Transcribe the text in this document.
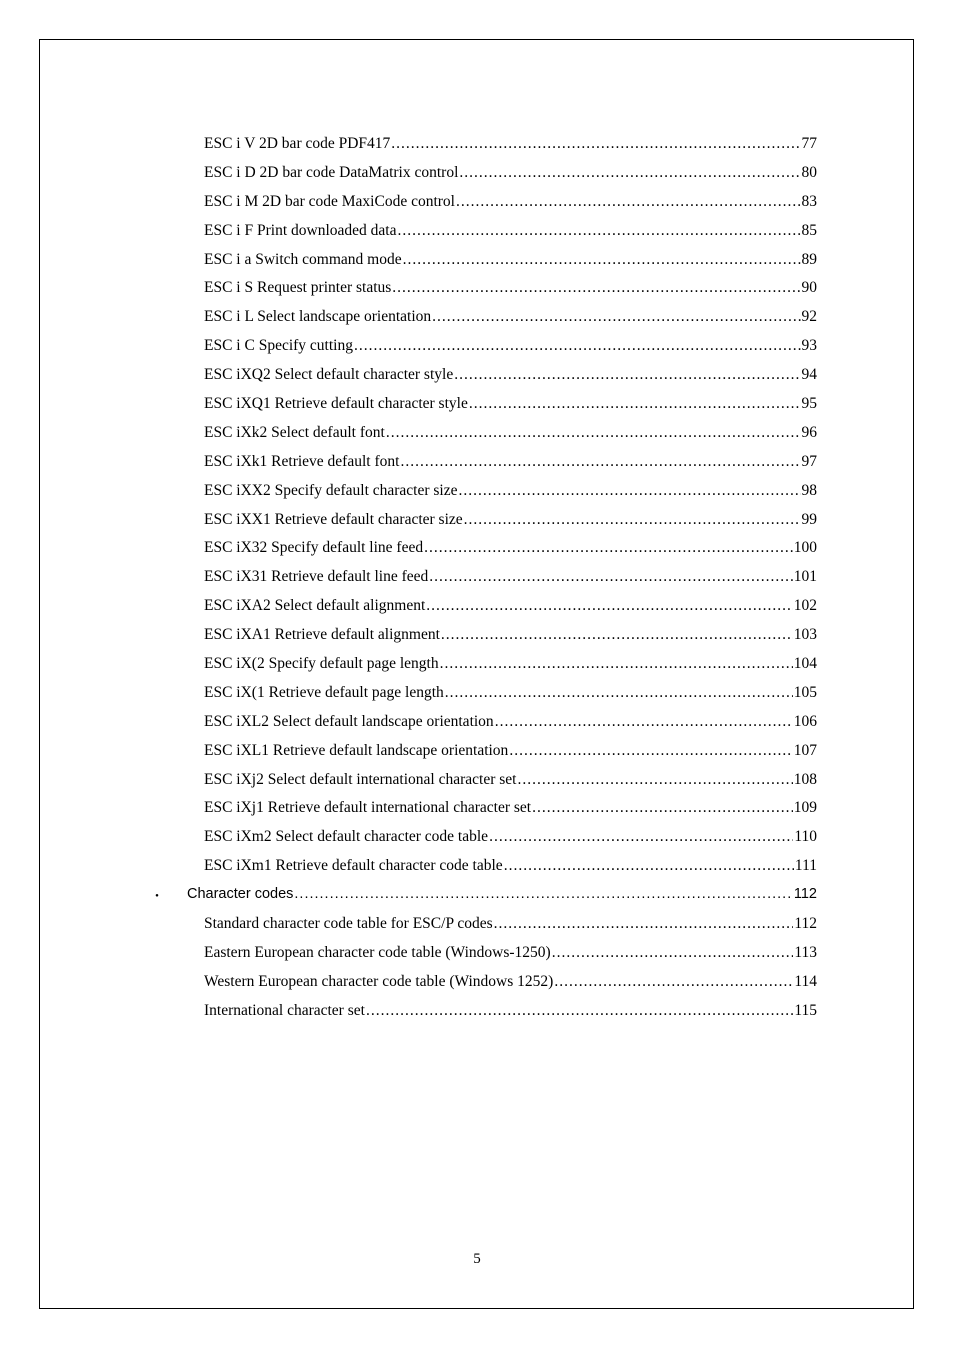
ESC i V 2D bar code PDF417 .....	77
ESC i D 2D bar code DataMatrix control .....	80
ESC i M 2D bar code MaxiCode control .....	83
ESC i F Print downloaded data .....	85
ESC i a Switch command mode .....	89
ESC i S Request printer status .....	90
ESC i L Select landscape orientation .....	92
ESC i C Specify cutting .....	93
ESC iXQ2 Select default character style .....	94
ESC iXQ1 Retrieve default character style .....	95
ESC iXk2 Select default font .....	96
ESC iXk1 Retrieve default font .....	97
ESC iXX2 Specify default character size .....	98
ESC iXX1 Retrieve default character size .....	99
ESC iX32 Specify default line feed .....	100
ESC iX31 Retrieve default line feed .....	101
ESC iXA2 Select default alignment .....	102
ESC iXA1 Retrieve default alignment .....	103
ESC iX(2 Specify default page length .....	104
ESC iX(1 Retrieve default page length .....	105
ESC iXL2 Select default landscape orientation .....	106
ESC iXL1 Retrieve default landscape orientation .....	107
ESC iXj2 Select default international character set .....	108
ESC iXj1 Retrieve default international character set .....	109
ESC iXm2 Select default character code table .....	110
ESC iXm1 Retrieve default character code table .....	111
・ Character codes .....	112
Standard character code table for ESC/P codes .....	112
Eastern European character code table (Windows-1250) .....	113
Western European character code table (Windows 1252) .....	114
International character set .....	115
5
